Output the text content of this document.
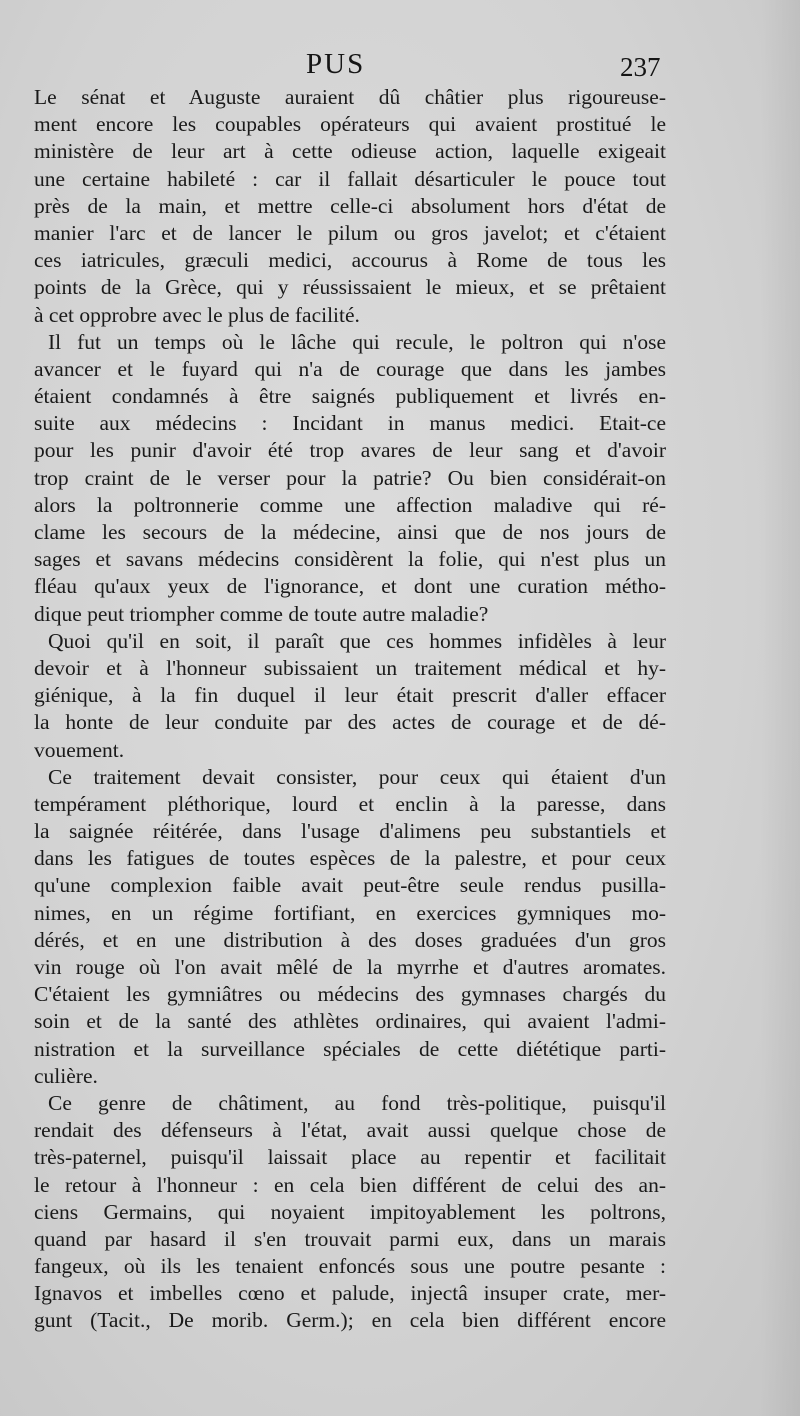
PUS	237
Le sénat et Auguste auraient dû châtier plus rigoureuse-
ment encore les coupables opérateurs qui avaient prostitué le
ministère de leur art à cette odieuse action, laquelle exigeait
une certaine habileté : car il fallait désarticuler le pouce tout
près de la main, et mettre celle-ci absolument hors d'état de
manier l'arc et de lancer le pilum ou gros javelot; et c'étaient
ces iatricules, græculi medici, accourus à Rome de tous les
points de la Grèce, qui y réussissaient le mieux, et se prêtaient
à cet opprobre avec le plus de facilité.
Il fut un temps où le lâche qui recule, le poltron qui n'ose
avancer et le fuyard qui n'a de courage que dans les jambes
étaient condamnés à être saignés publiquement et livrés en-
suite aux médecins : Incidant in manus medici. Etait-ce
pour les punir d'avoir été trop avares de leur sang et d'avoir
trop craint de le verser pour la patrie? Ou bien considérait-on
alors la poltronnerie comme une affection maladive qui ré-
clame les secours de la médecine, ainsi que de nos jours de
sages et savans médecins considèrent la folie, qui n'est plus un
fléau qu'aux yeux de l'ignorance, et dont une curation métho-
dique peut triompher comme de toute autre maladie?
Quoi qu'il en soit, il paraît que ces hommes infidèles à leur
devoir et à l'honneur subissaient un traitement médical et hy-
giénique, à la fin duquel il leur était prescrit d'aller effacer
la honte de leur conduite par des actes de courage et de dé-
vouement.
Ce traitement devait consister, pour ceux qui étaient d'un
tempérament pléthorique, lourd et enclin à la paresse, dans
la saignée réitérée, dans l'usage d'alimens peu substantiels et
dans les fatigues de toutes espèces de la palestre, et pour ceux
qu'une complexion faible avait peut-être seule rendus pusilla-
nimes, en un régime fortifiant, en exercices gymniques mo-
dérés, et en une distribution à des doses graduées d'un gros
vin rouge où l'on avait mêlé de la myrrhe et d'autres aromates.
C'étaient les gymniâtres ou médecins des gymnases chargés du
soin et de la santé des athlètes ordinaires, qui avaient l'admi-
nistration et la surveillance spéciales de cette diététique parti-
culière.
Ce genre de châtiment, au fond très-politique, puisqu'il
rendait des défenseurs à l'état, avait aussi quelque chose de
très-paternel, puisqu'il laissait place au repentir et facilitait
le retour à l'honneur : en cela bien différent de celui des an-
ciens Germains, qui noyaient impitoyablement les poltrons,
quand par hasard il s'en trouvait parmi eux, dans un marais
fangeux, où ils les tenaient enfoncés sous une poutre pesante :
Ignavos et imbelles cœno et palude, injectâ insuper crate, mer-
gunt (Tacit., De morib. Germ.); en cela bien différent encore
